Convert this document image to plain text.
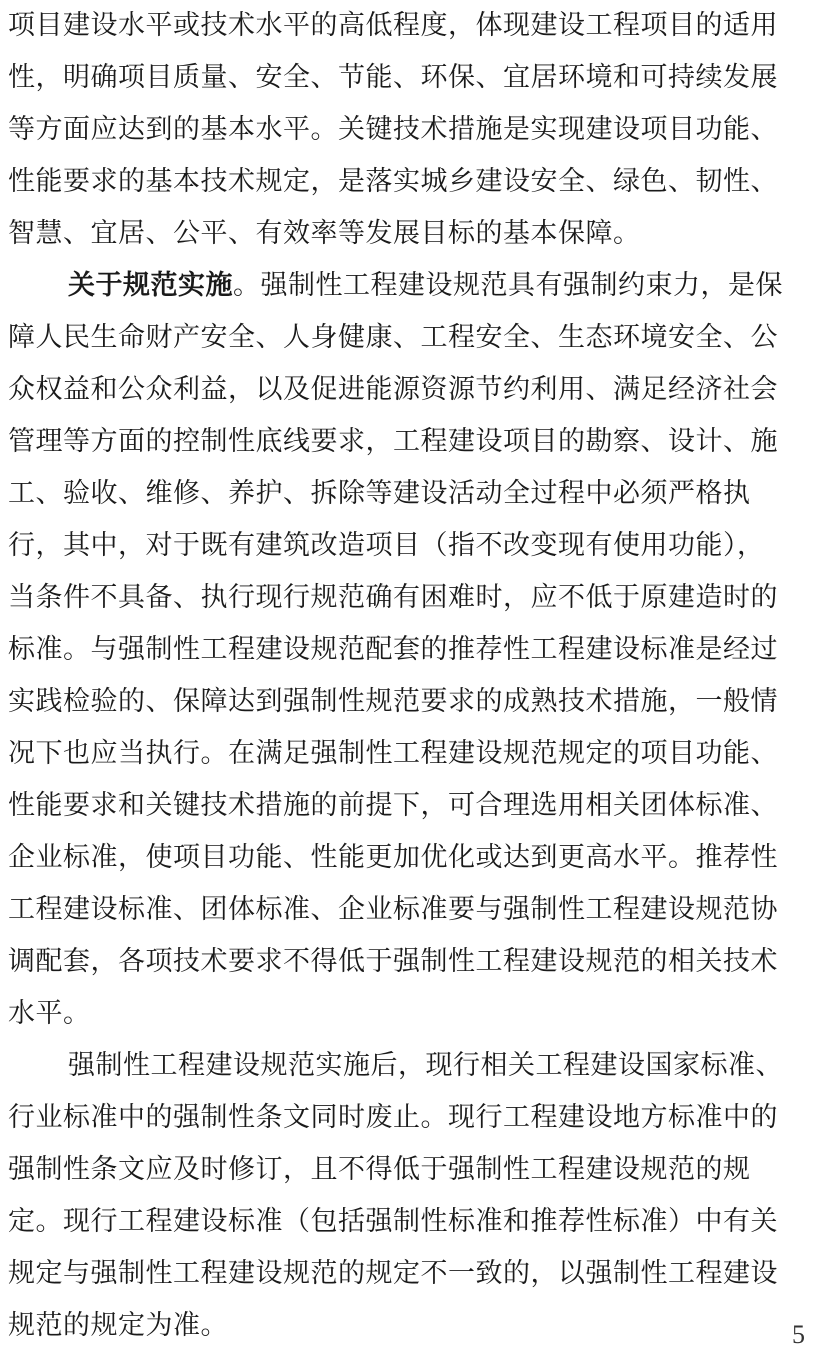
项目建设水平或技术水平的高低程度，体现建设工程项目的适用
性，明确项目质量、安全、节能、环保、宜居环境和可持续发展
等方面应达到的基本水平。关键技术措施是实现建设项目功能、
性能要求的基本技术规定，是落实城乡建设安全、绿色、韧性、
智慧、宜居、公平、有效率等发展目标的基本保障。
关于规范实施。强制性工程建设规范具有强制约束力，是保
障人民生命财产安全、人身健康、工程安全、生态环境安全、公
众权益和公众利益，以及促进能源资源节约利用、满足经济社会
管理等方面的控制性底线要求，工程建设项目的勘察、设计、施
工、验收、维修、养护、拆除等建设活动全过程中必须严格执
行，其中，对于既有建筑改造项目（指不改变现有使用功能），
当条件不具备、执行现行规范确有困难时，应不低于原建造时的
标准。与强制性工程建设规范配套的推荐性工程建设标准是经过
实践检验的、保障达到强制性规范要求的成熟技术措施，一般情
况下也应当执行。在满足强制性工程建设规范规定的项目功能、
性能要求和关键技术措施的前提下，可合理选用相关团体标准、
企业标准，使项目功能、性能更加优化或达到更高水平。推荐性
工程建设标准、团体标准、企业标准要与强制性工程建设规范协
调配套，各项技术要求不得低于强制性工程建设规范的相关技术
水平。
强制性工程建设规范实施后，现行相关工程建设国家标准、
行业标准中的强制性条文同时废止。现行工程建设地方标准中的
强制性条文应及时修订，且不得低于强制性工程建设规范的规
定。现行工程建设标准（包括强制性标准和推荐性标准）中有关
规定与强制性工程建设规范的规定不一致的，以强制性工程建设
规范的规定为准。	5
